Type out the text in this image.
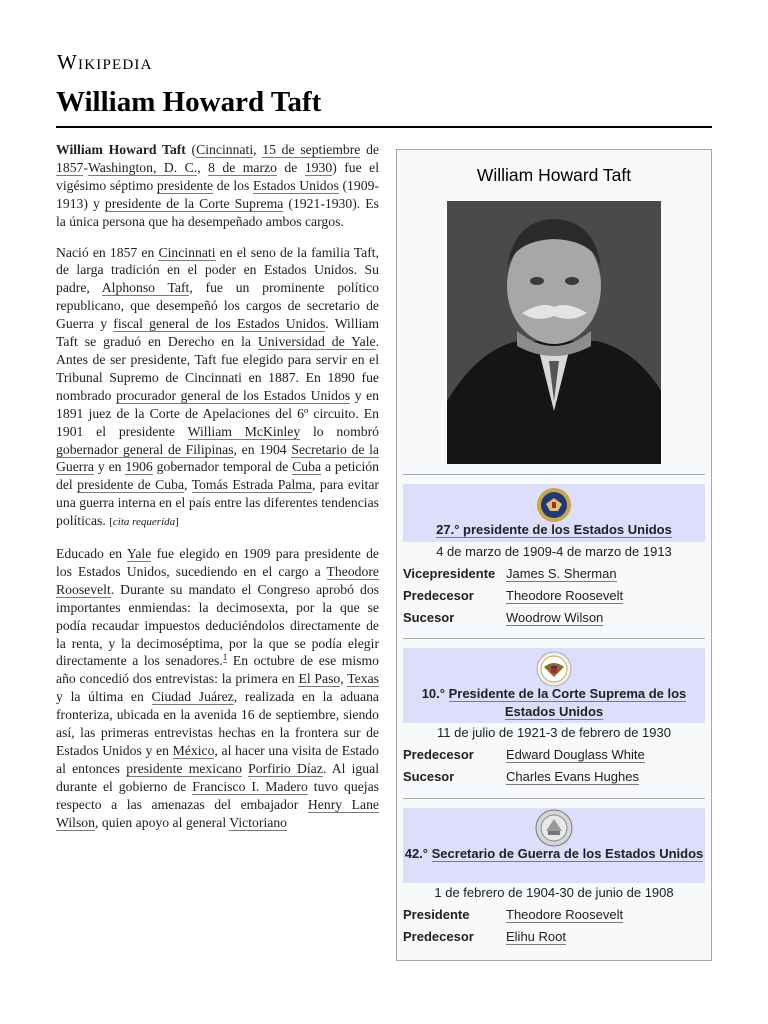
Wikipedia
William Howard Taft

William Howard Taft (Cincinnati, 15 de septiembre de 1857-Washington, D. C., 8 de marzo de 1930) fue el vigésimo séptimo presidente de los Estados Unidos (1909-1913) y presidente de la Corte Suprema (1921-1930). Es la única persona que ha desempeñado ambos cargos.

Nació en 1857 en Cincinnati en el seno de la familia Taft, de larga tradición en el poder en Estados Unidos. Su padre, Alphonso Taft, fue un prominente político republicano, que desempeñó los cargos de secretario de Guerra y fiscal general de los Estados Unidos. William Taft se graduó en Derecho en la Universidad de Yale. Antes de ser presidente, Taft fue elegido para servir en el Tribunal Supremo de Cincinnati en 1887. En 1890 fue nombrado procurador general de los Estados Unidos y en 1891 juez de la Corte de Apelaciones del 6º circuito. En 1901 el presidente William McKinley lo nombró gobernador general de Filipinas, en 1904 Secretario de la Guerra y en 1906 gobernador temporal de Cuba a petición del presidente de Cuba, Tomás Estrada Palma, para evitar una guerra interna en el país entre las diferentes tendencias políticas. [cita requerida]

Educado en Yale fue elegido en 1909 para presidente de los Estados Unidos, sucediendo en el cargo a Theodore Roosevelt. Durante su mandato el Congreso aprobó dos importantes enmiendas: la decimosexta, por la que se podía recaudar impuestos deduciéndolos directamente de la renta, y la decimoséptima, por la que se podía elegir directamente a los senadores.$^1$ En octubre de ese mismo año concedió dos entrevistas: la primera en El Paso, Texas y la última en Ciudad Juárez, realizada en la aduana fronteriza, ubicada en la avenida 16 de septiembre, siendo así, las primeras entrevistas hechas en la frontera sur de Estados Unidos y en México, al hacer una visita de Estado al entonces presidente mexicano Porfirio Díaz. Al igual durante el gobierno de Francisco I. Madero tuvo quejas respecto a las amenazas del embajador Henry Lane Wilson, quien apoyo al general Victoriano

William Howard Taft
27.° presidente de los Estados Unidos
4 de marzo de 1909-4 de marzo de 1913
Vicepresidente James S. Sherman
Predecesor Theodore Roosevelt
Sucesor	Woodrow Wilson
10.° Presidente de la Corte Suprema de los Estados Unidos
11 de julio de 1921-3 de febrero de 1930
Predecesor Edward Douglass White
Sucesor	Charles Evans Hughes
42.° Secretario de Guerra de los Estados Unidos
1 de febrero de 1904-30 de junio de 1908
Presidente	Theodore Roosevelt
Predecesor Elihu Root
